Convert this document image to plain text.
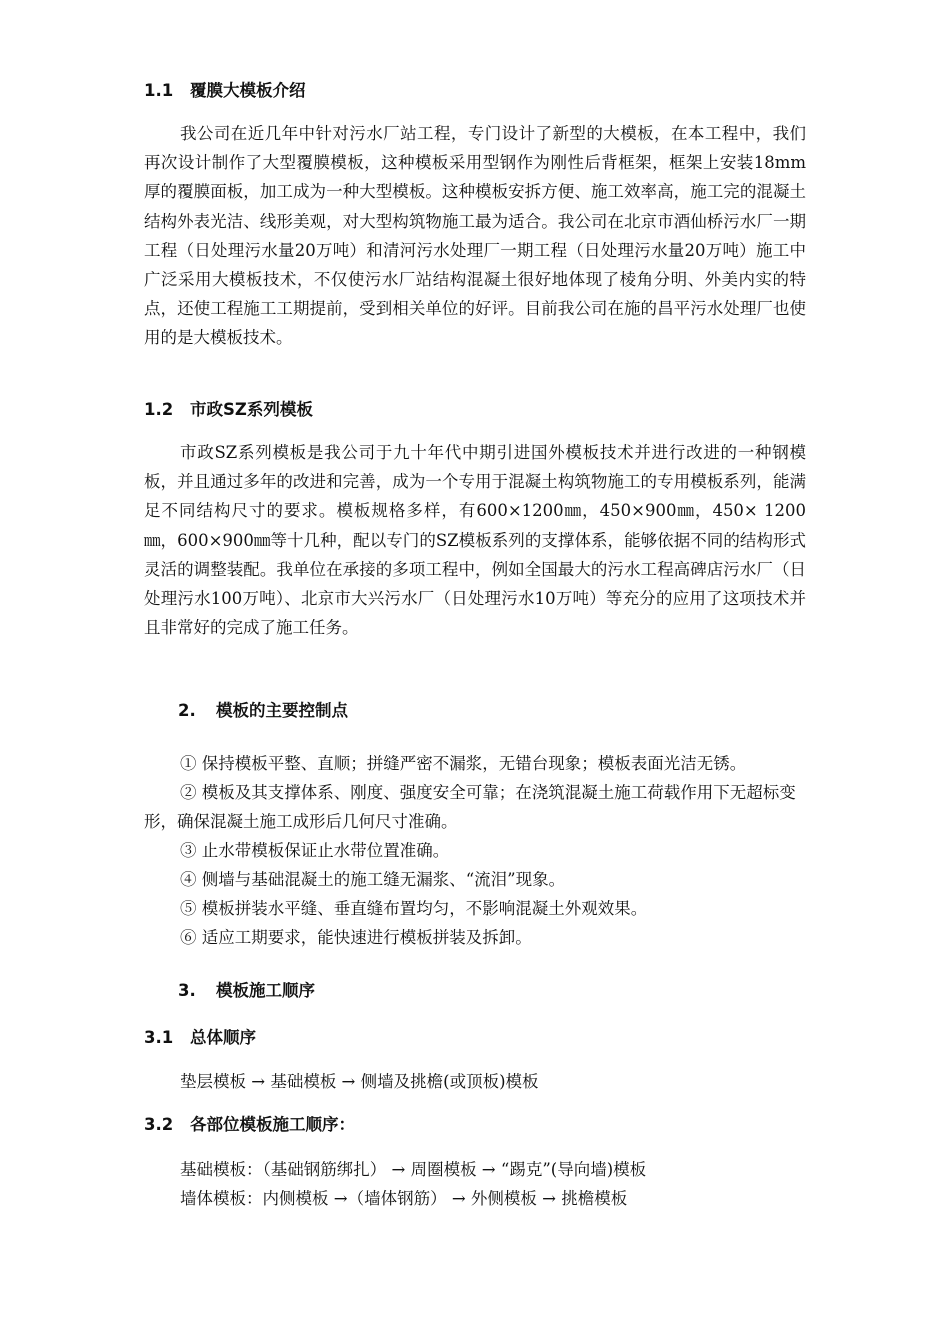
1.1 覆膜大模板介绍

我公司在近几年中针对污水厂站工程，专门设计了新型的大模板，在本工程中，我们再次设计制作了大型覆膜模板，这种模板采用型钢作为刚性后背框架，框架上安装18mm厚的覆膜面板，加工成为一种大型模板。这种模板安拆方便、施工效率高，施工完的混凝土结构外表光洁、线形美观，对大型构筑物施工最为适合。我公司在北京市酒仙桥污水厂一期工程（日处理污水量20万吨）和清河污水处理厂一期工程（日处理污水量20万吨）施工中广泛采用大模板技术，不仅使污水厂站结构混凝土很好地体现了棱角分明、外美内实的特点，还使工程施工工期提前，受到相关单位的好评。目前我公司在施的昌平污水处理厂也使用的是大模板技术。

1.2 市政SZ系列模板

市政SZ系列模板是我公司于九十年代中期引进国外模板技术并进行改进的一种钢模板，并且通过多年的改进和完善，成为一个专用于混凝土构筑物施工的专用模板系列，能满足不同结构尺寸的要求。模板规格多样，有600×1200㎜，450×900㎜，450× 1200㎜，600×900㎜等十几种，配以专门的SZ模板系列的支撑体系，能够依据不同的结构形式灵活的调整装配。我单位在承接的多项工程中，例如全国最大的污水工程高碑店污水厂（日处理污水100万吨）、北京市大兴污水厂（日处理污水10万吨）等充分的应用了这项技术并且非常好的完成了施工任务。

2. 模板的主要控制点

① 保持模板平整、直顺；拼缝严密不漏浆，无错台现象；模板表面光洁无锈。

② 模板及其支撑体系、刚度、强度安全可靠；在浇筑混凝土施工荷载作用下无超标变形，确保混凝土施工成形后几何尺寸准确。

③ 止水带模板保证止水带位置准确。

④ 侧墙与基础混凝土的施工缝无漏浆、“流泪”现象。

⑤ 模板拼装水平缝、垂直缝布置均匀，不影响混凝土外观效果。

⑥ 适应工期要求，能快速进行模板拼装及拆卸。

3. 模板施工顺序
3.1 总体顺序

垫层模板 → 基础模板 → 侧墙及挑檐(或顶板)模板

3.2 各部位模板施工顺序：

基础模板：（基础钢筋绑扎） → 周圈模板 → “踢克”(导向墙)模板

墙体模板：内侧模板 →（墙体钢筋） → 外侧模板 → 挑檐模板
